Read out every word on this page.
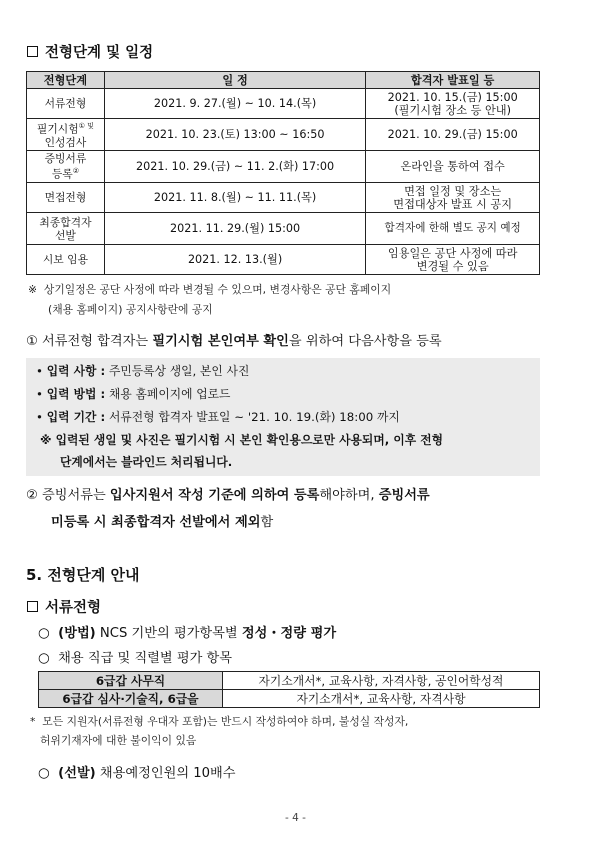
전형단계 및 일정
전형단계	일 정	합격자 발표일 등
서류전형	2021. 9. 27.(월) ~ 10. 14.(목)	2021. 10. 15.(금) 15:00
(필기시험 장소 등 안내)
필기시험$^{① 및}$
인성검사	2021. 10. 23.(토) 13:00 ~ 16:50	2021. 10. 29.(금) 15:00
증빙서류
등록②	2021. 10. 29.(금) ~ 11. 2.(화) 17:00	온라인을 통하여 접수
면접전형	2021. 11. 8.(월) ~ 11. 11.(목)	면접 일정 및 장소는
면접대상자 발표 시 공지
최종합격자
선발	2021. 11. 29.(월) 15:00	합격자에 한해 별도 공지 예정
시보 임용	2021. 12. 13.(월)	임용일은 공단 사정에 따라
변경될 수 있음
※ 상기일정은 공단 사정에 따라 변경될 수 있으며, 변경사항은 공단 홈페이지
(채용 홈페이지) 공지사항란에 공지
① 서류전형 합격자는 필기시험 본인여부 확인을 위하여 다음사항을 등록
• 입력 사항 : 주민등록상 생일, 본인 사진
• 입력 방법 : 채용 홈페이지에 업로드
• 입력 기간 : 서류전형 합격자 발표일 ~ '21. 10. 19.(화) 18:00 까지
※ 입력된 생일 및 사진은 필기시험 시 본인 확인용으로만 사용되며, 이후 전형
단계에서는 블라인드 처리됩니다.
② 증빙서류는 입사지원서 작성 기준에 의하여 등록해야하며, 증빙서류
미등록 시 최종합격자 선발에서 제외함
5. 전형단계 안내
서류전형
○ (방법) NCS 기반의 평가항목별 정성・정량 평가
○ 채용 직급 및 직렬별 평가 항목
6급갑 사무직	자기소개서*, 교육사항, 자격사항, 공인어학성적
6급갑 심사·기술직, 6급을	자기소개서*, 교육사항, 자격사항
* 모든 지원자(서류전형 우대자 포함)는 반드시 작성하여야 하며, 불성실 작성자,
허위기재자에 대한 불이익이 있음
○ (선발) 채용예정인원의 10배수
- 4 -
